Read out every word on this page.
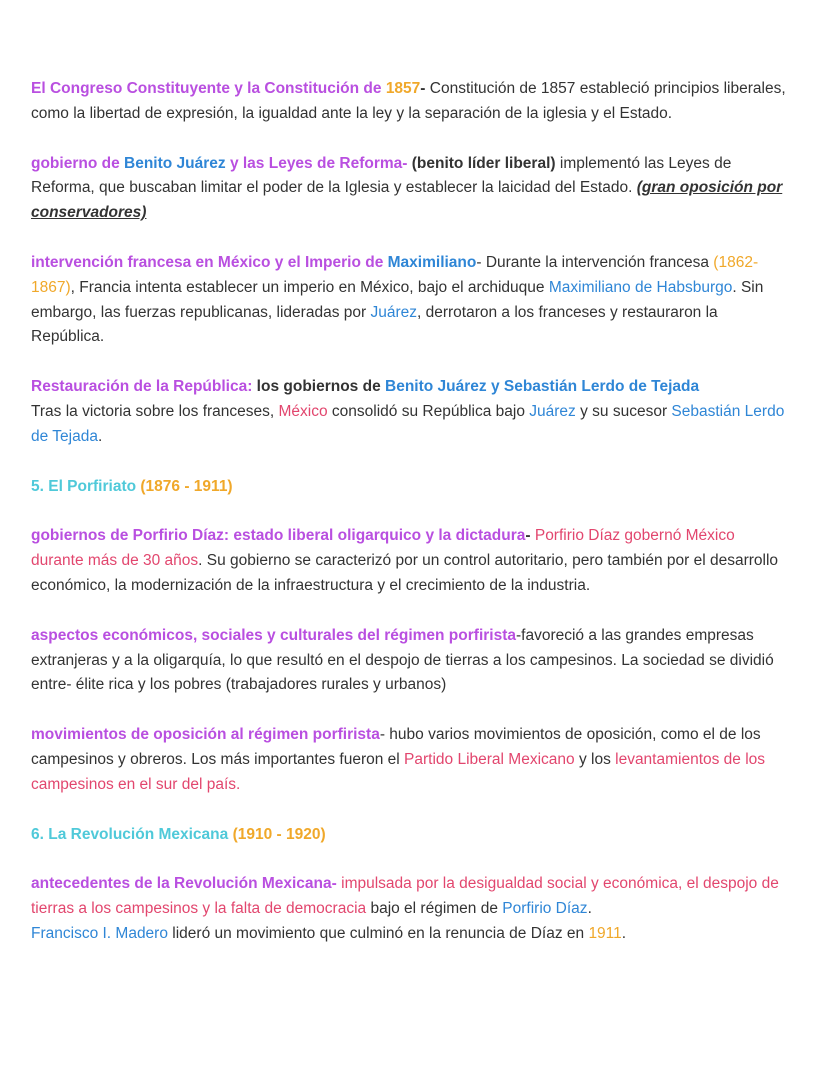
El Congreso Constituyente y la Constitución de 1857- Constitución de 1857 estableció principios liberales, como la libertad de expresión, la igualdad ante la ley y la separación de la iglesia y el Estado.

gobierno de Benito Juárez y las Leyes de Reforma- (benito líder liberal) implementó las Leyes de Reforma, que buscaban limitar el poder de la Iglesia y establecer la laicidad del Estado. (gran oposición por conservadores)

intervención francesa en México y el Imperio de Maximiliano- Durante la intervención francesa (1862-1867), Francia intenta establecer un imperio en México, bajo el archiduque Maximiliano de Habsburgo. Sin embargo, las fuerzas republicanas, lideradas por Juárez, derrotaron a los franceses y restauraron la República.

Restauración de la República: los gobiernos de Benito Juárez y Sebastián Lerdo de Tejada
Tras la victoria sobre los franceses, México consolidó su República bajo Juárez y su sucesor Sebastián Lerdo de Tejada.

5. El Porfiriato (1876 - 1911)

gobiernos de Porfirio Díaz: estado liberal oligarquico y la dictadura- Porfirio Díaz gobernó México durante más de 30 años. Su gobierno se caracterizó por un control autoritario, pero también por el desarrollo económico, la modernización de la infraestructura y el crecimiento de la industria.

aspectos económicos, sociales y culturales del régimen porfirista-favoreció a las grandes empresas extranjeras y a la oligarquía, lo que resultó en el despojo de tierras a los campesinos. La sociedad se dividió entre- élite rica y los pobres (trabajadores rurales y urbanos)

movimientos de oposición al régimen porfirista- hubo varios movimientos de oposición, como el de los campesinos y obreros. Los más importantes fueron el Partido Liberal Mexicano y los levantamientos de los campesinos en el sur del país.

6. La Revolución Mexicana (1910 - 1920)

antecedentes de la Revolución Mexicana- impulsada por la desigualdad social y económica, el despojo de tierras a los campesinos y la falta de democracia bajo el régimen de Porfirio Díaz.
Francisco I. Madero lideró un movimiento que culminó en la renuncia de Díaz en 1911.
